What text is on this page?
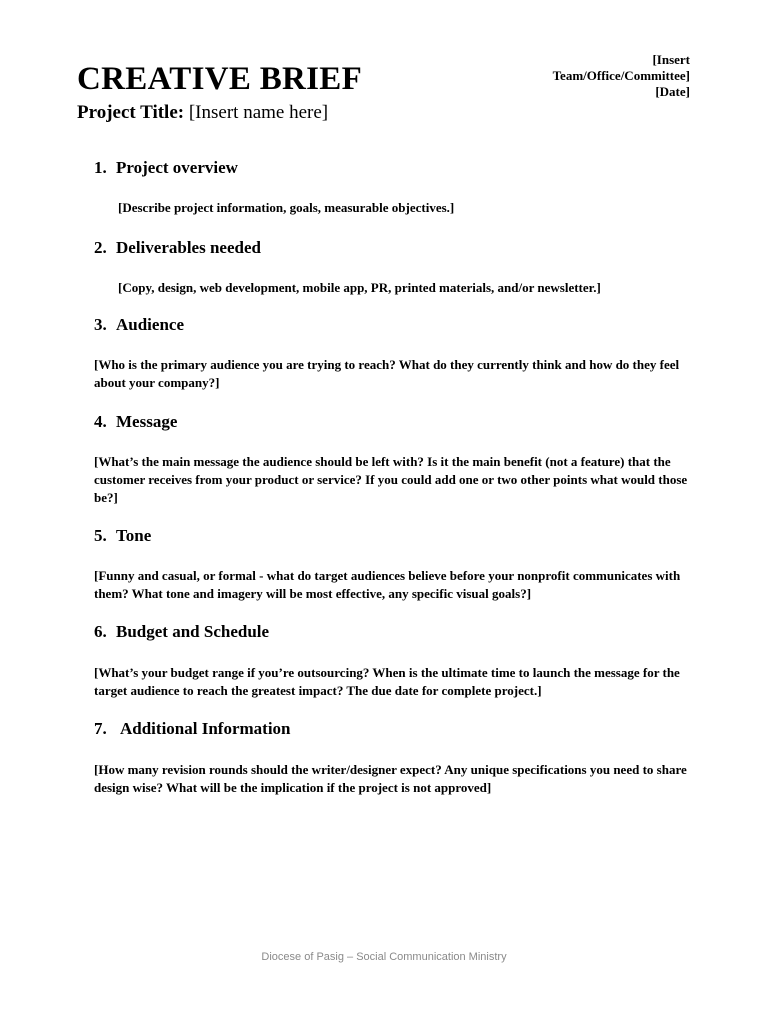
CREATIVE BRIEF

Project Title: [Insert name here]

[Insert
Team/Office/Committee]
[Date]
1. Project overview

[Describe project information, goals, measurable objectives.]

2. Deliverables needed

[Copy, design, web development, mobile app, PR, printed materials, and/or newsletter.]

3. Audience

[Who is the primary audience you are trying to reach? What do they currently think and how do they feel about your company?]

4. Message

[What’s the main message the audience should be left with? Is it the main benefit (not a feature) that the customer receives from your product or service? If you could add one or two other points what would those be?]

5. Tone

[Funny and casual, or formal - what do target audiences believe before your nonprofit communicates with them? What tone and imagery will be most effective, any specific visual goals?]

6. Budget and Schedule

[What’s your budget range if you’re outsourcing? When is the ultimate time to launch the message for the target audience to reach the greatest impact? The due date for complete project.]

7. Additional Information

[How many revision rounds should the writer/designer expect? Any unique specifications you need to share design wise? What will be the implication if the project is not approved]

Diocese of Pasig – Social Communication Ministry
